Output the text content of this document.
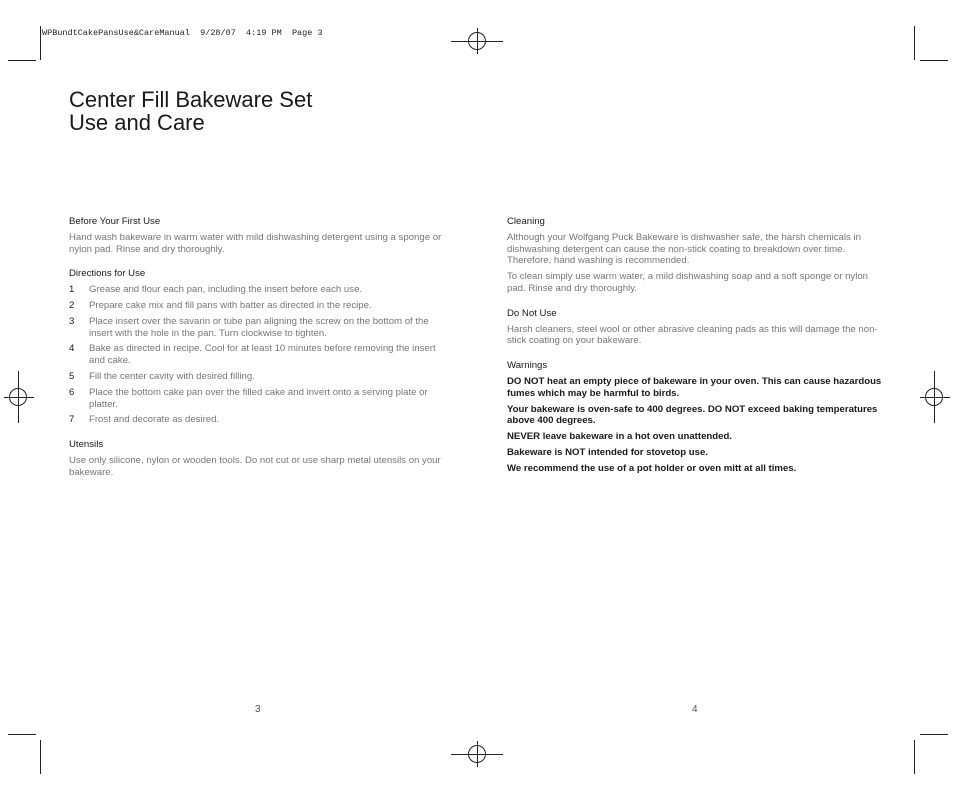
WPBundtCakePansUse&CareManual  9/28/07  4:19 PM  Page 3
Center Fill Bakeware Set
Use and Care
Before Your First Use
Hand wash bakeware in warm water with mild dishwashing detergent using a sponge or nylon pad. Rinse and dry thoroughly.
Directions for Use
1	Grease and flour each pan, including the insert before each use.
2	Prepare cake mix and fill pans with batter as directed in the recipe.
3	Place insert over the savarin or tube pan aligning the screw on the bottom of the insert with the hole in the pan. Turn clockwise to tighten.
4	Bake as directed in recipe. Cool for at least 10 minutes before removing the insert and cake.
5	Fill the center cavity with desired filling.
6	Place the bottom cake pan over the filled cake and invert onto a serving plate or platter.
7	Frost and decorate as desired.
Utensils
Use only silicone, nylon or wooden tools. Do not cut or use sharp metal utensils on your bakeware.
Cleaning
Although your Wolfgang Puck Bakeware is dishwasher safe, the harsh chemicals in dishwashing detergent can cause the non-stick coating to breakdown over time. Therefore, hand washing is recommended.
To clean simply use warm water, a mild dishwashing soap and a soft sponge or nylon pad. Rinse and dry thoroughly.
Do Not Use
Harsh cleaners, steel wool or other abrasive cleaning pads as this will damage the non-stick coating on your bakeware.
Warnings
DO NOT heat an empty piece of bakeware in your oven. This can cause hazardous fumes which may be harmful to birds.
Your bakeware is oven-safe to 400 degrees. DO NOT exceed baking temperatures above 400 degrees.
NEVER leave bakeware in a hot oven unattended.
Bakeware is NOT intended for stovetop use.
We recommend the use of a pot holder or oven mitt at all times.
3	4
